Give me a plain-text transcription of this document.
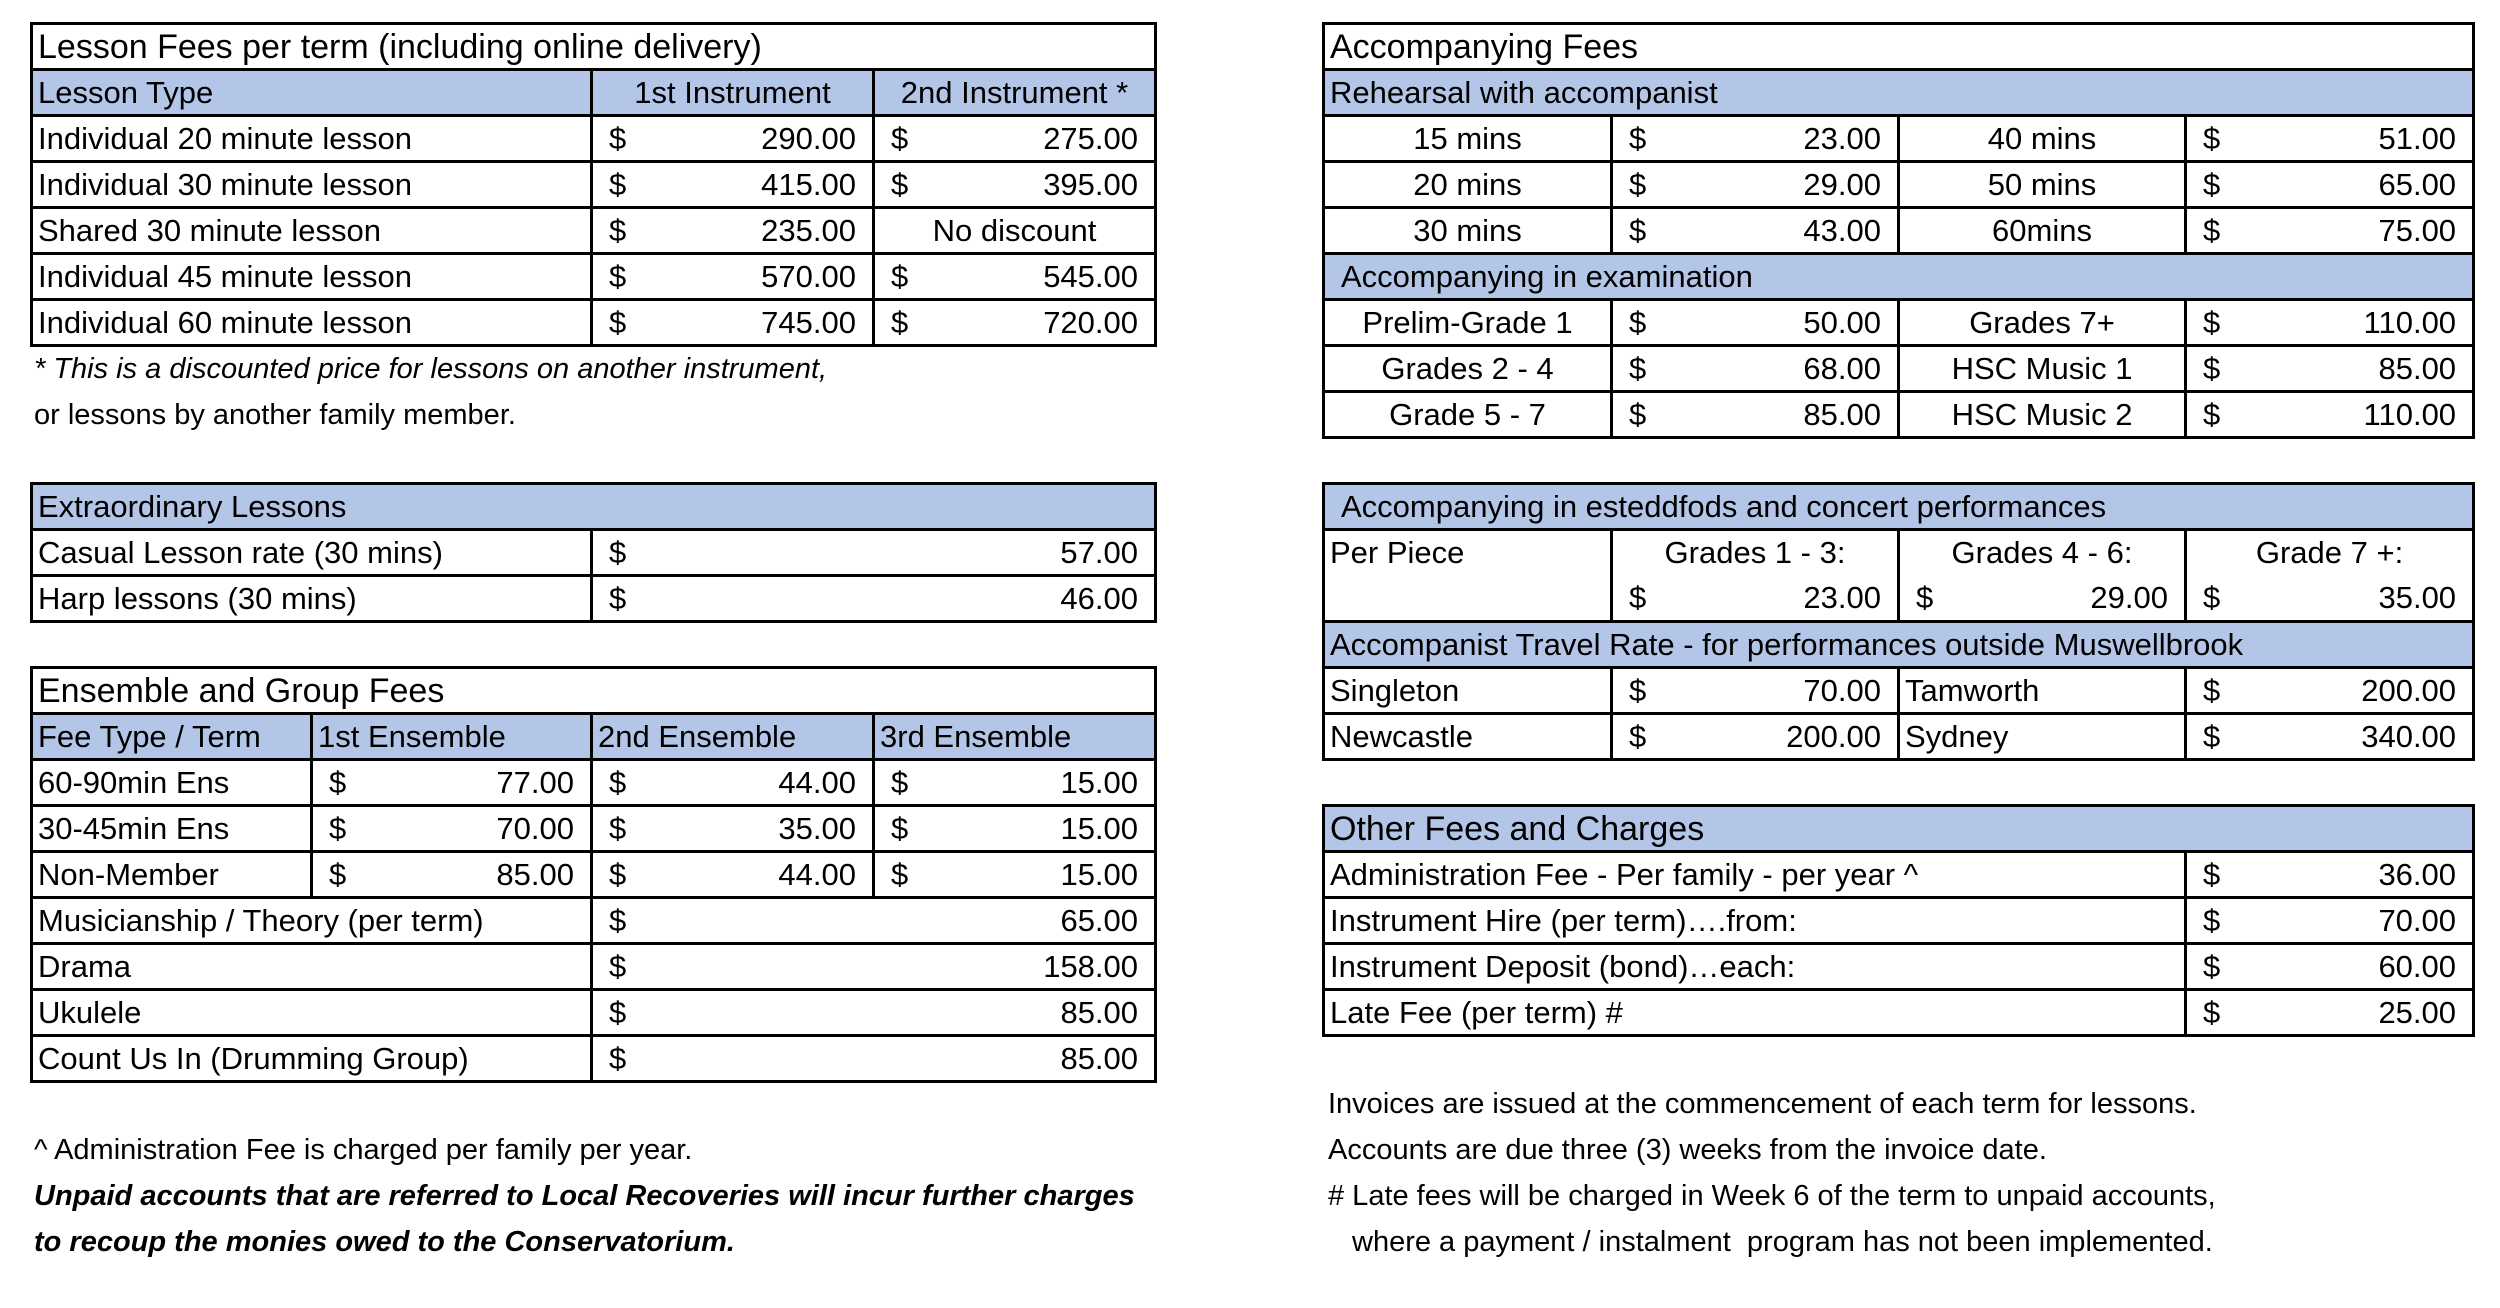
Lesson Fees per term (including online delivery)		
Lesson Type	1st Instrument	2nd Instrument *
Individual 20 minute lesson	$ 290.00	$ 275.00

Individual 30 minute lesson	$ 415.00	$ 395.00

Shared 30 minute lesson	$ 235.00	No discount
Individual 45 minute lesson	$ 570.00	$ 545.00

Individual 60 minute lesson	$ 745.00	$ 720.00
* This is a discounted price for lessons on another instrument,
or lessons by another family member.
Extraordinary Lessons	
Casual Lesson rate (30 mins)	$ 57.00

Harp lessons (30 mins)	$ 46.00
Ensemble and Group Fees			
Fee Type / Term	1st Ensemble	2nd Ensemble	3rd Ensemble
60-90min Ens	$ 77.00	$ 44.00	$ 15.00

30-45min Ens	$ 70.00	$ 35.00	$ 15.00

Non-Member	$ 85.00	$ 44.00	$ 15.00

Musicianship / Theory (per term)		$ 65.00	

Drama		$ 158.00	

Ukulele		$ 85.00	

Count Us In (Drumming Group)		$ 85.00	
^ Administration Fee is charged per family per year.
Unpaid accounts that are referred to Local Recoveries will incur further charges
to recoup the monies owed to the Conservatorium.
Accompanying Fees			
Rehearsal with accompanist			
15 mins	$ 23.00	40 mins	$ 51.00

20 mins	$ 29.00	50 mins	$ 65.00

30 mins	$ 43.00	60mins	$ 75.00

Accompanying in examination			
Prelim-Grade 1	$ 50.00	Grades 7+	$ 110.00

Grades 2 - 4	$ 68.00	HSC Music 1	$ 85.00

Grade 5 - 7	$ 85.00	HSC Music 2	$ 110.00
Accompanying in esteddfods and concert performances			
Per Piece	Grades 1 - 3:	Grades 4 - 6:	Grade 7 +:

	$ 23.00	$ 29.00	$ 35.00

Accompanist Travel Rate - for performances outside Muswellbrook			
Singleton	$ 70.00	Tamworth	$ 200.00

Newcastle	$ 200.00	Sydney	$ 340.00
Other Fees and Charges	
Administration Fee - Per family - per year ^	$ 36.00

Instrument Hire (per term)….from:	$ 70.00

Instrument Deposit (bond)…each:	$ 60.00

Late Fee (per term) #	$ 25.00
Invoices are issued at the commencement of each term for lessons.
Accounts are due three (3) weeks from the invoice date.
# Late fees will be charged in Week 6 of the term to unpaid accounts,
where a payment / instalment  program has not been implemented.
